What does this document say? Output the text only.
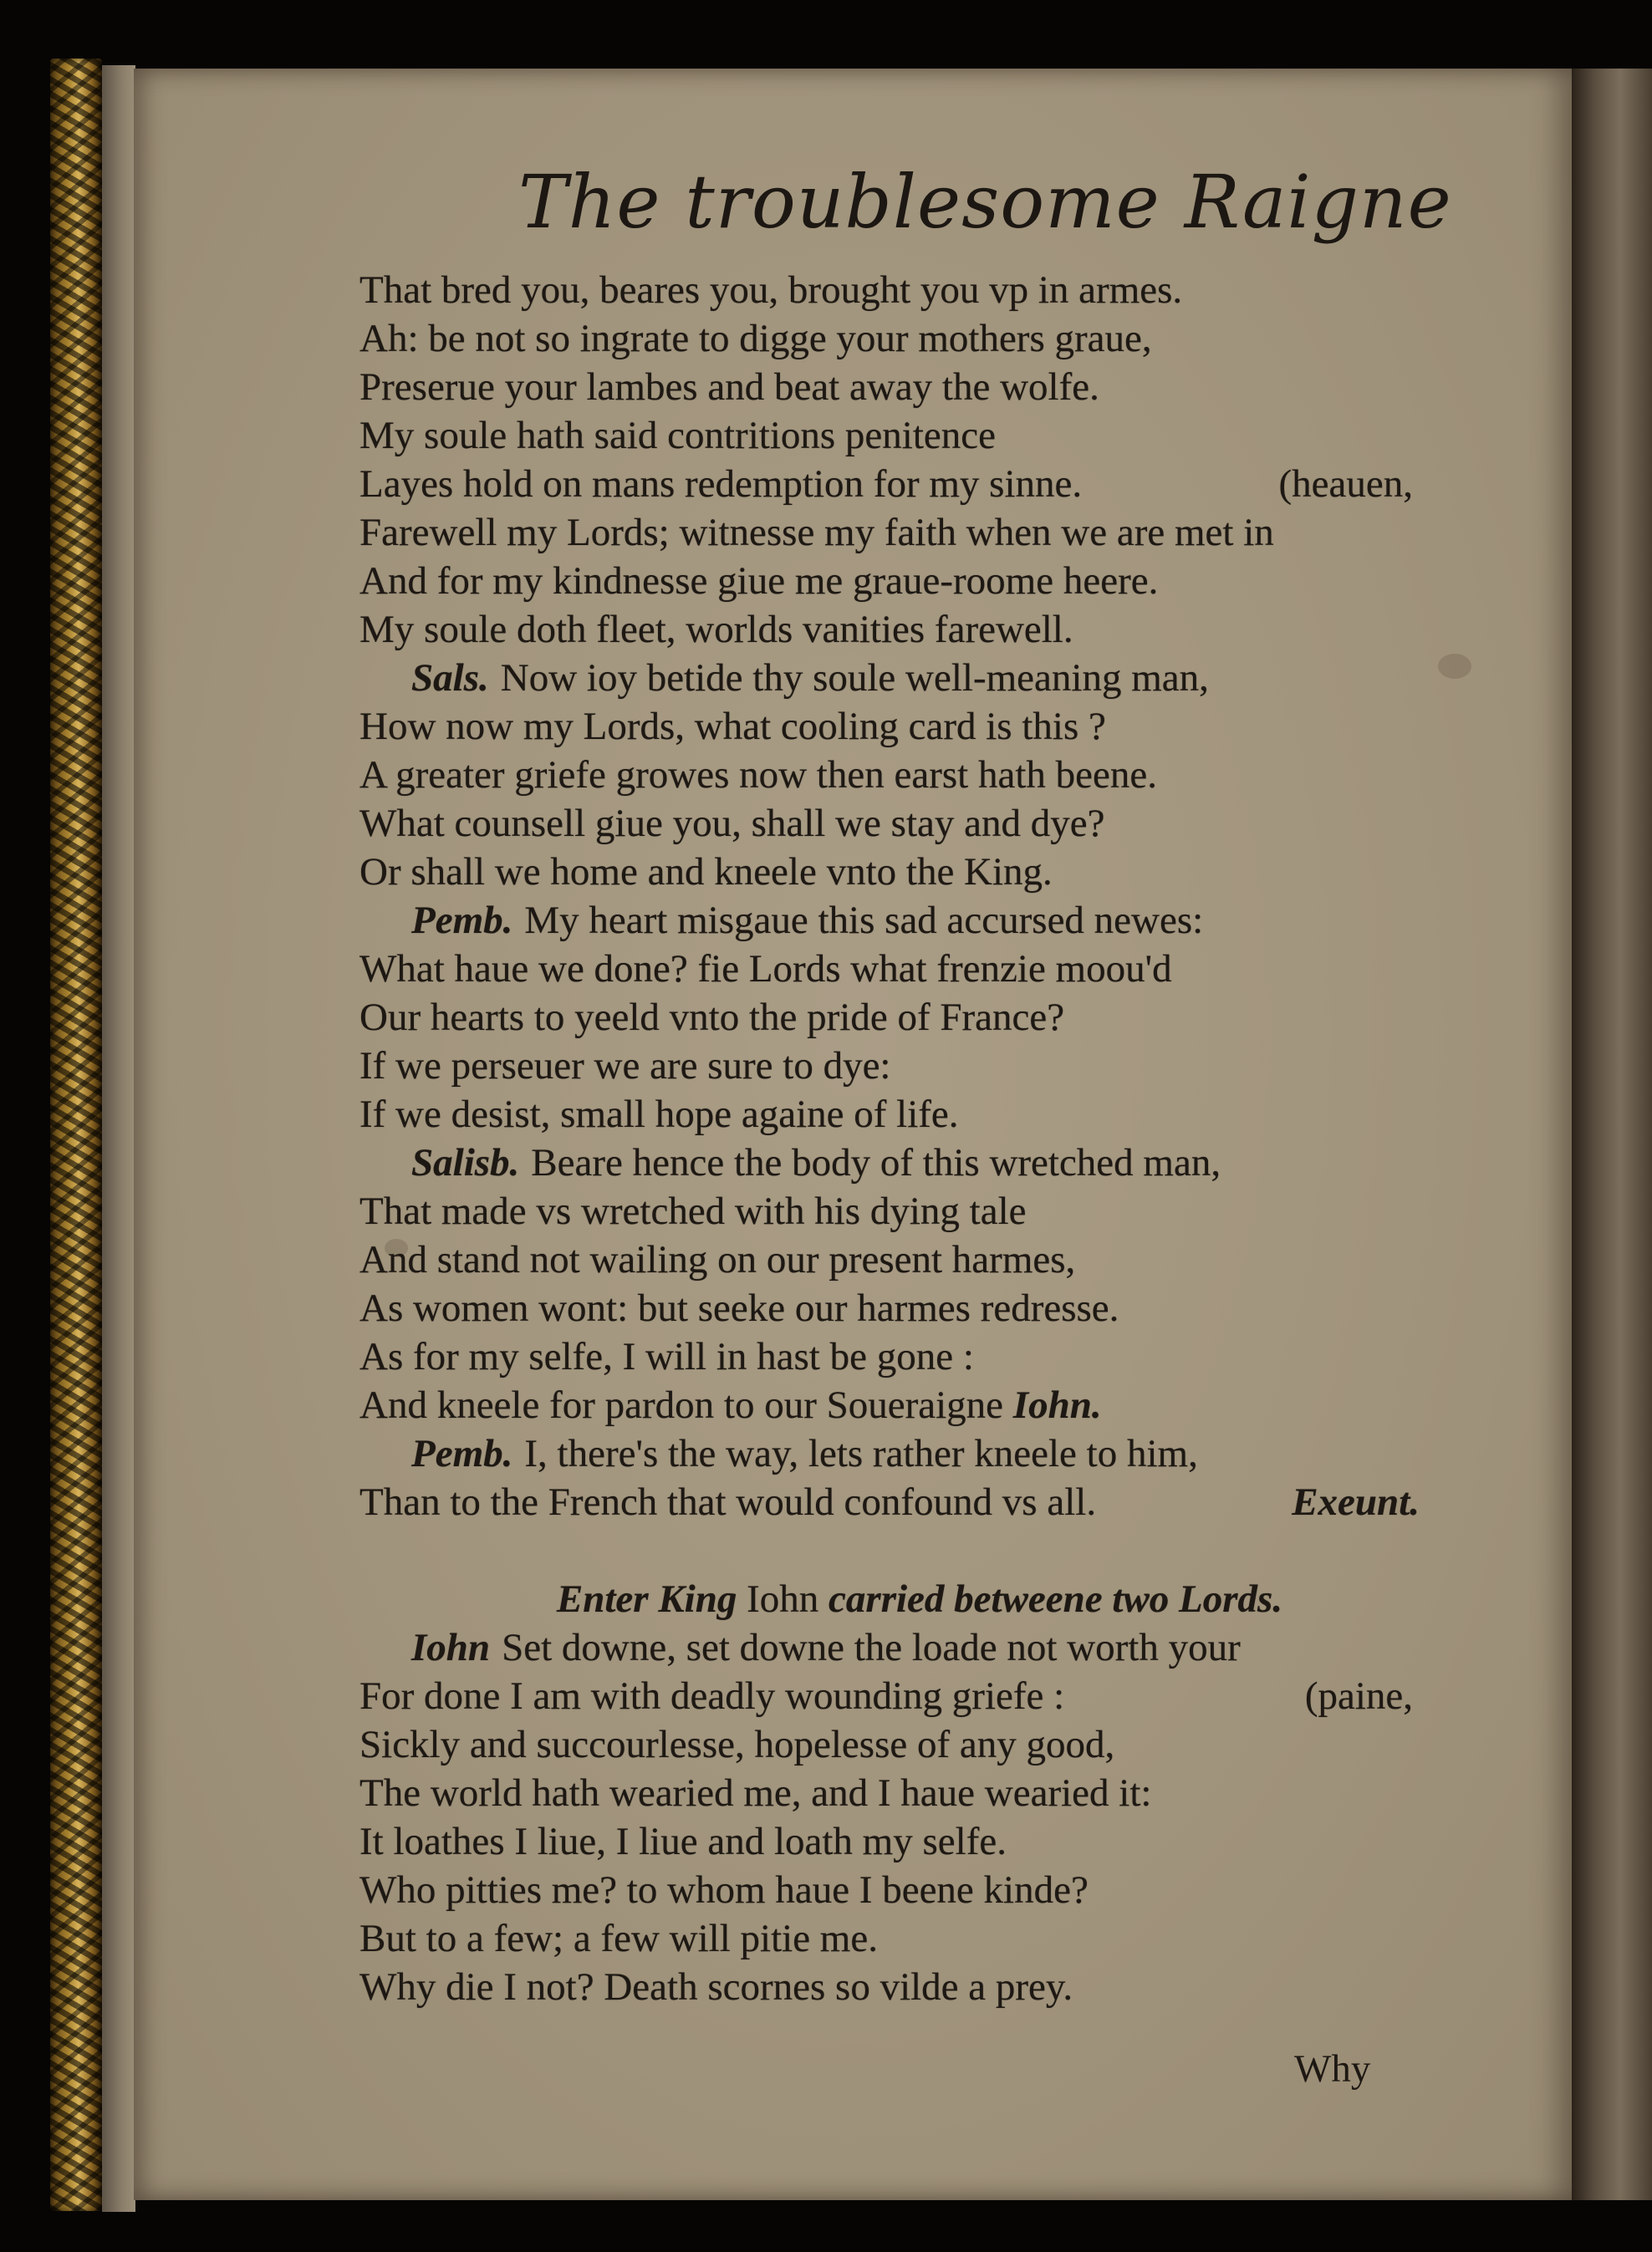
The troublesome Raigne
That bred you, beares you, brought you vp in armes.
Ah: be not so ingrate to digge your mothers graue,
Preserue your lambes and beat away the wolfe.
My soule hath said contritions penitence
Layes hold on mans redemption for my sinne.	(heauen,
Farewell my Lords; witnesse my faith when we are met in
And for my kindnesse giue me graue-roome heere.
My soule doth fleet, worlds vanities farewell.
Sals. Now ioy betide thy soule well-meaning man,
How now my Lords, what cooling card is this ?
A greater griefe growes now then earst hath beene.
What counsell giue you, shall we stay and dye?
Or shall we home and kneele vnto the King.
Pemb. My heart misgaue this sad accursed newes:
What haue we done? fie Lords what frenzie moou'd
Our hearts to yeeld vnto the pride of France?
If we perseuer we are sure to dye:
If we desist, small hope againe of life.
Salisb. Beare hence the body of this wretched man,
That made vs wretched with his dying tale
And stand not wailing on our present harmes,
As women wont: but seeke our harmes redresse.
As for my selfe, I will in hast be gone :
And kneele for pardon to our Soueraigne Iohn.
Pemb. I, there's the way, lets rather kneele to him,
Than to the French that would confound vs all.	Exeunt.
Enter King Iohn carried betweene two Lords.
Iohn Set downe, set downe the loade not worth your
For done I am with deadly wounding griefe :	(paine,
Sickly and succourlesse, hopelesse of any good,
The world hath wearied me, and I haue wearied it:
It loathes I liue, I liue and loath my selfe.
Who pitties me? to whom haue I beene kinde?
But to a few; a few will pitie me.
Why die I not? Death scornes so vilde a prey.
Why
